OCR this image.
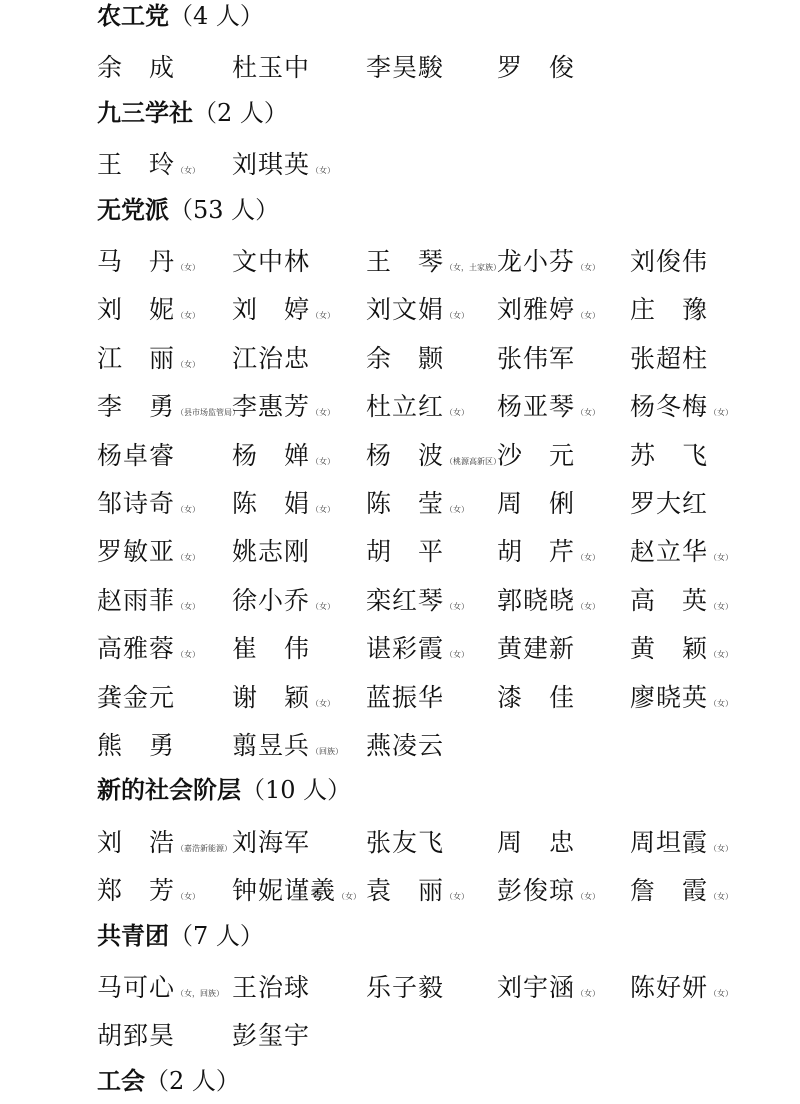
农工党（4 人）
余　成 杜玉中 李昊駿 罗　俊
九三学社（2 人）
王　玲（女） 刘琪英（女）
无党派（53 人）
马　丹（女） 文中林 王　琴（女，土家族）
龙小芬（女） 刘俊伟
刘　妮（女） 刘　婷（女） 刘文娟（女） 刘雅婷（女） 庄　豫
江　丽（女） 江治忠 余　颢 张伟军 张超柱
李　勇（县市场监管局）
李惠芳（女） 杜立红（女） 杨亚琴（女） 杨冬梅（女）
杨卓睿 杨　婵（女） 杨　波（桃源高新区）
沙　元 苏　飞
邹诗奇（女） 陈　娟（女） 陈　莹（女） 周　俐 罗大红
罗敏亚（女） 姚志刚 胡　平 胡　芹（女） 赵立华（女）
赵雨菲（女） 徐小乔（女） 栾红琴（女） 郭晓晓（女） 高　英（女）
高雅蓉（女） 崔　伟 谌彩霞（女） 黄建新 黄　颖（女）
龚金元 谢　颖（女） 蓝振华 漆　佳 廖晓英（女）
熊　勇 翦昱兵（回族） 燕凌云
新的社会阶层（10 人）
刘　浩（嘉浩新能源） 刘海军 张友飞 周　忠 周坦霞（女）
郑　芳（女） 钟妮谨羲（女） 袁　丽（女） 彭俊琼（女） 詹　霞（女）
共青团（7 人）
马可心（女，回族） 王治球 乐子毅 刘宇涵（女） 陈好妍（女）
胡郅昊 彭玺宇
工会（2 人）
